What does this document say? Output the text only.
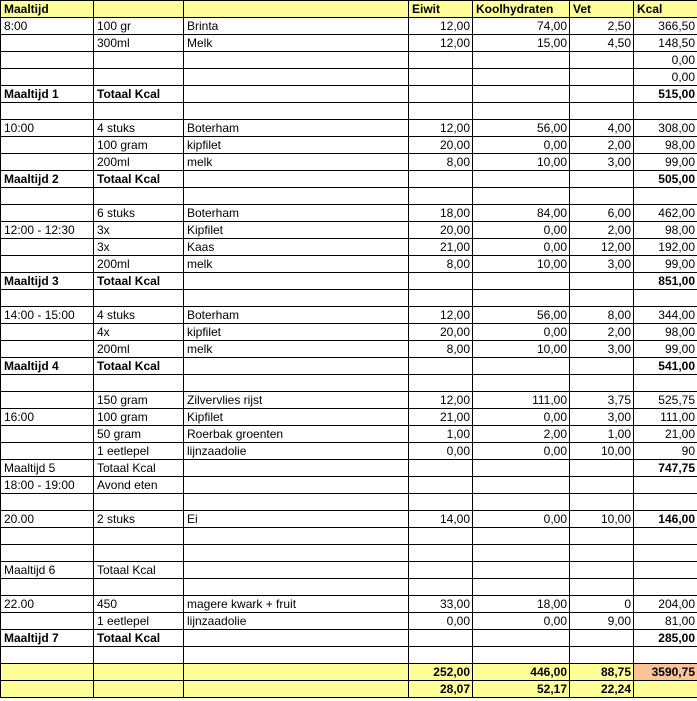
Maaltijd			Eiwit	Koolhydraten	Vet	Kcal
8:00	100 gr	Brinta	12,00	74,00	2,50	366,50
	300ml	Melk	12,00	15,00	4,50	148,50
						0,00
						0,00
Maaltijd 1	Totaal Kcal					515,00

10:00	4 stuks	Boterham	12,00	56,00	4,00	308,00
	100 gram	kipfilet	20,00	0,00	2,00	98,00
	200ml	melk	8,00	10,00	3,00	99,00
Maaltijd 2	Totaal Kcal					505,00

	6 stuks	Boterham	18,00	84,00	6,00	462,00
12:00 - 12:30	3x	Kipfilet	20,00	0,00	2,00	98,00
	3x	Kaas	21,00	0,00	12,00	192,00
	200ml	melk	8,00	10,00	3,00	99,00
Maaltijd 3	Totaal Kcal					851,00

14:00 - 15:00	4 stuks	Boterham	12,00	56,00	8,00	344,00
	4x	kipfilet	20,00	0,00	2,00	98,00
	200ml	melk	8,00	10,00	3,00	99,00
Maaltijd 4	Totaal Kcal					541,00

	150 gram	Zilvervlies rijst	12,00	111,00	3,75	525,75
16:00	100 gram	Kipfilet	21,00	0,00	3,00	111,00
	50 gram	Roerbak groenten	1,00	2,00	1,00	21,00
	1 eetlepel	lijnzaadolie	0,00	0,00	10,00	90
Maaltijd 5	Totaal Kcal					747,75
18:00 - 19:00	Avond eten					

20.00	2 stuks	Ei	14,00	0,00	10,00	146,00

Maaltijd 6	Totaal Kcal					

22.00	450	magere kwark + fruit	33,00	18,00	0	204,00
	1 eetlepel	lijnzaadolie	0,00	0,00	9,00	81,00
Maaltijd 7	Totaal Kcal					285,00

			252,00	446,00	88,75	3590,75
			28,07	52,17	22,24	
